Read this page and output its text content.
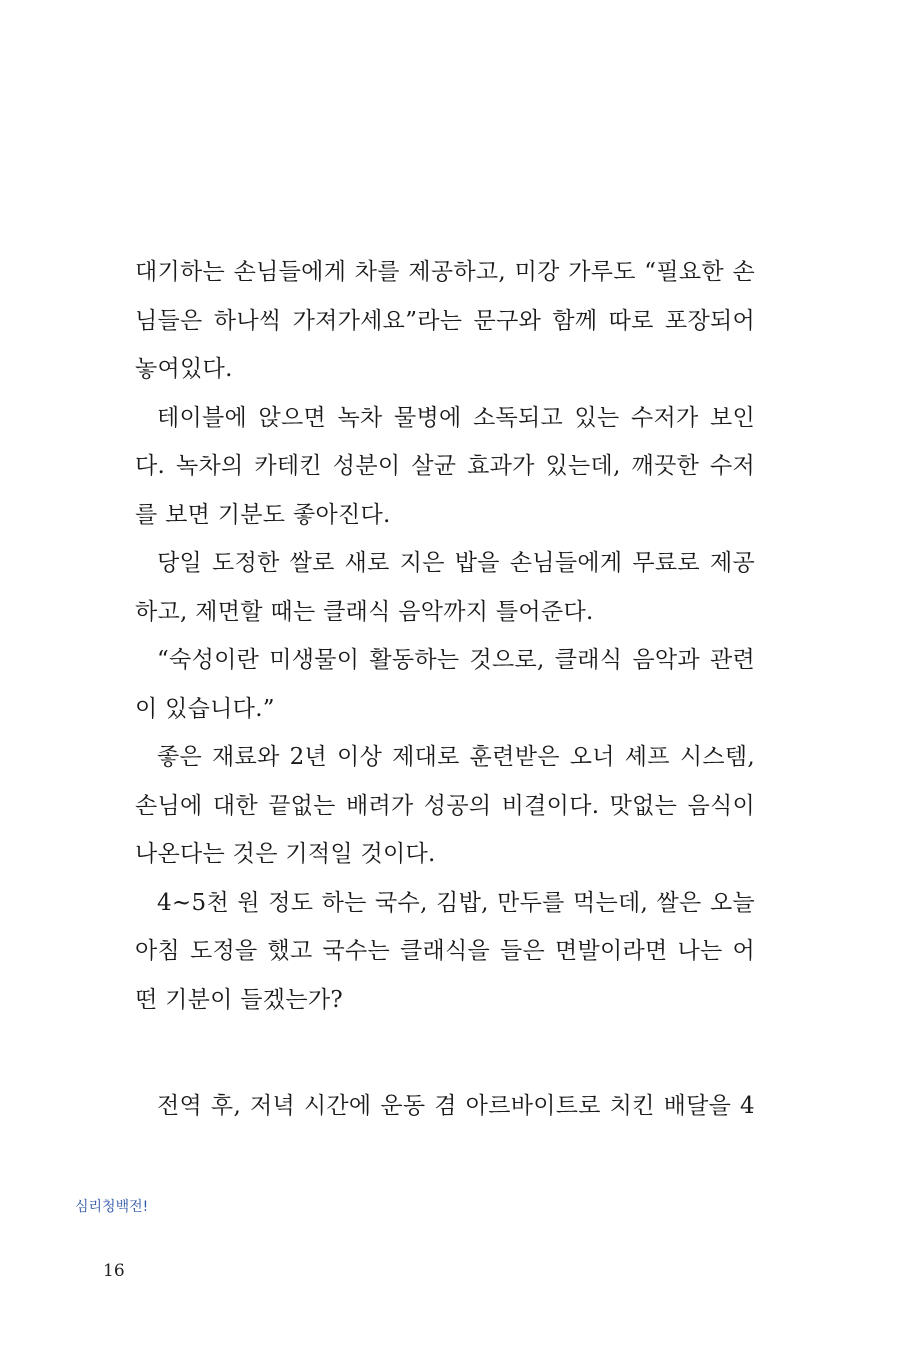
대기하는 손님들에게 차를 제공하고, 미강 가루도 “필요한 손
님들은 하나씩 가져가세요”라는 문구와 함께 따로 포장되어
놓여있다.
테이블에 앉으면 녹차 물병에 소독되고 있는 수저가 보인
다. 녹차의 카테킨 성분이 살균 효과가 있는데, 깨끗한 수저
를 보면 기분도 좋아진다.
당일 도정한 쌀로 새로 지은 밥을 손님들에게 무료로 제공
하고, 제면할 때는 클래식 음악까지 틀어준다.
“숙성이란 미생물이 활동하는 것으로, 클래식 음악과 관련
이 있습니다.”
좋은 재료와 2년 이상 제대로 훈련받은 오너 셰프 시스템,
손님에 대한 끝없는 배려가 성공의 비결이다. 맛없는 음식이
나온다는 것은 기적일 것이다.
4~5천 원 정도 하는 국수, 김밥, 만두를 먹는데, 쌀은 오늘
아침 도정을 했고 국수는 클래식을 들은 면발이라면 나는 어
떤 기분이 들겠는가?
전역 후, 저녁 시간에 운동 겸 아르바이트로 치킨 배달을 4
심리청백전!
16
